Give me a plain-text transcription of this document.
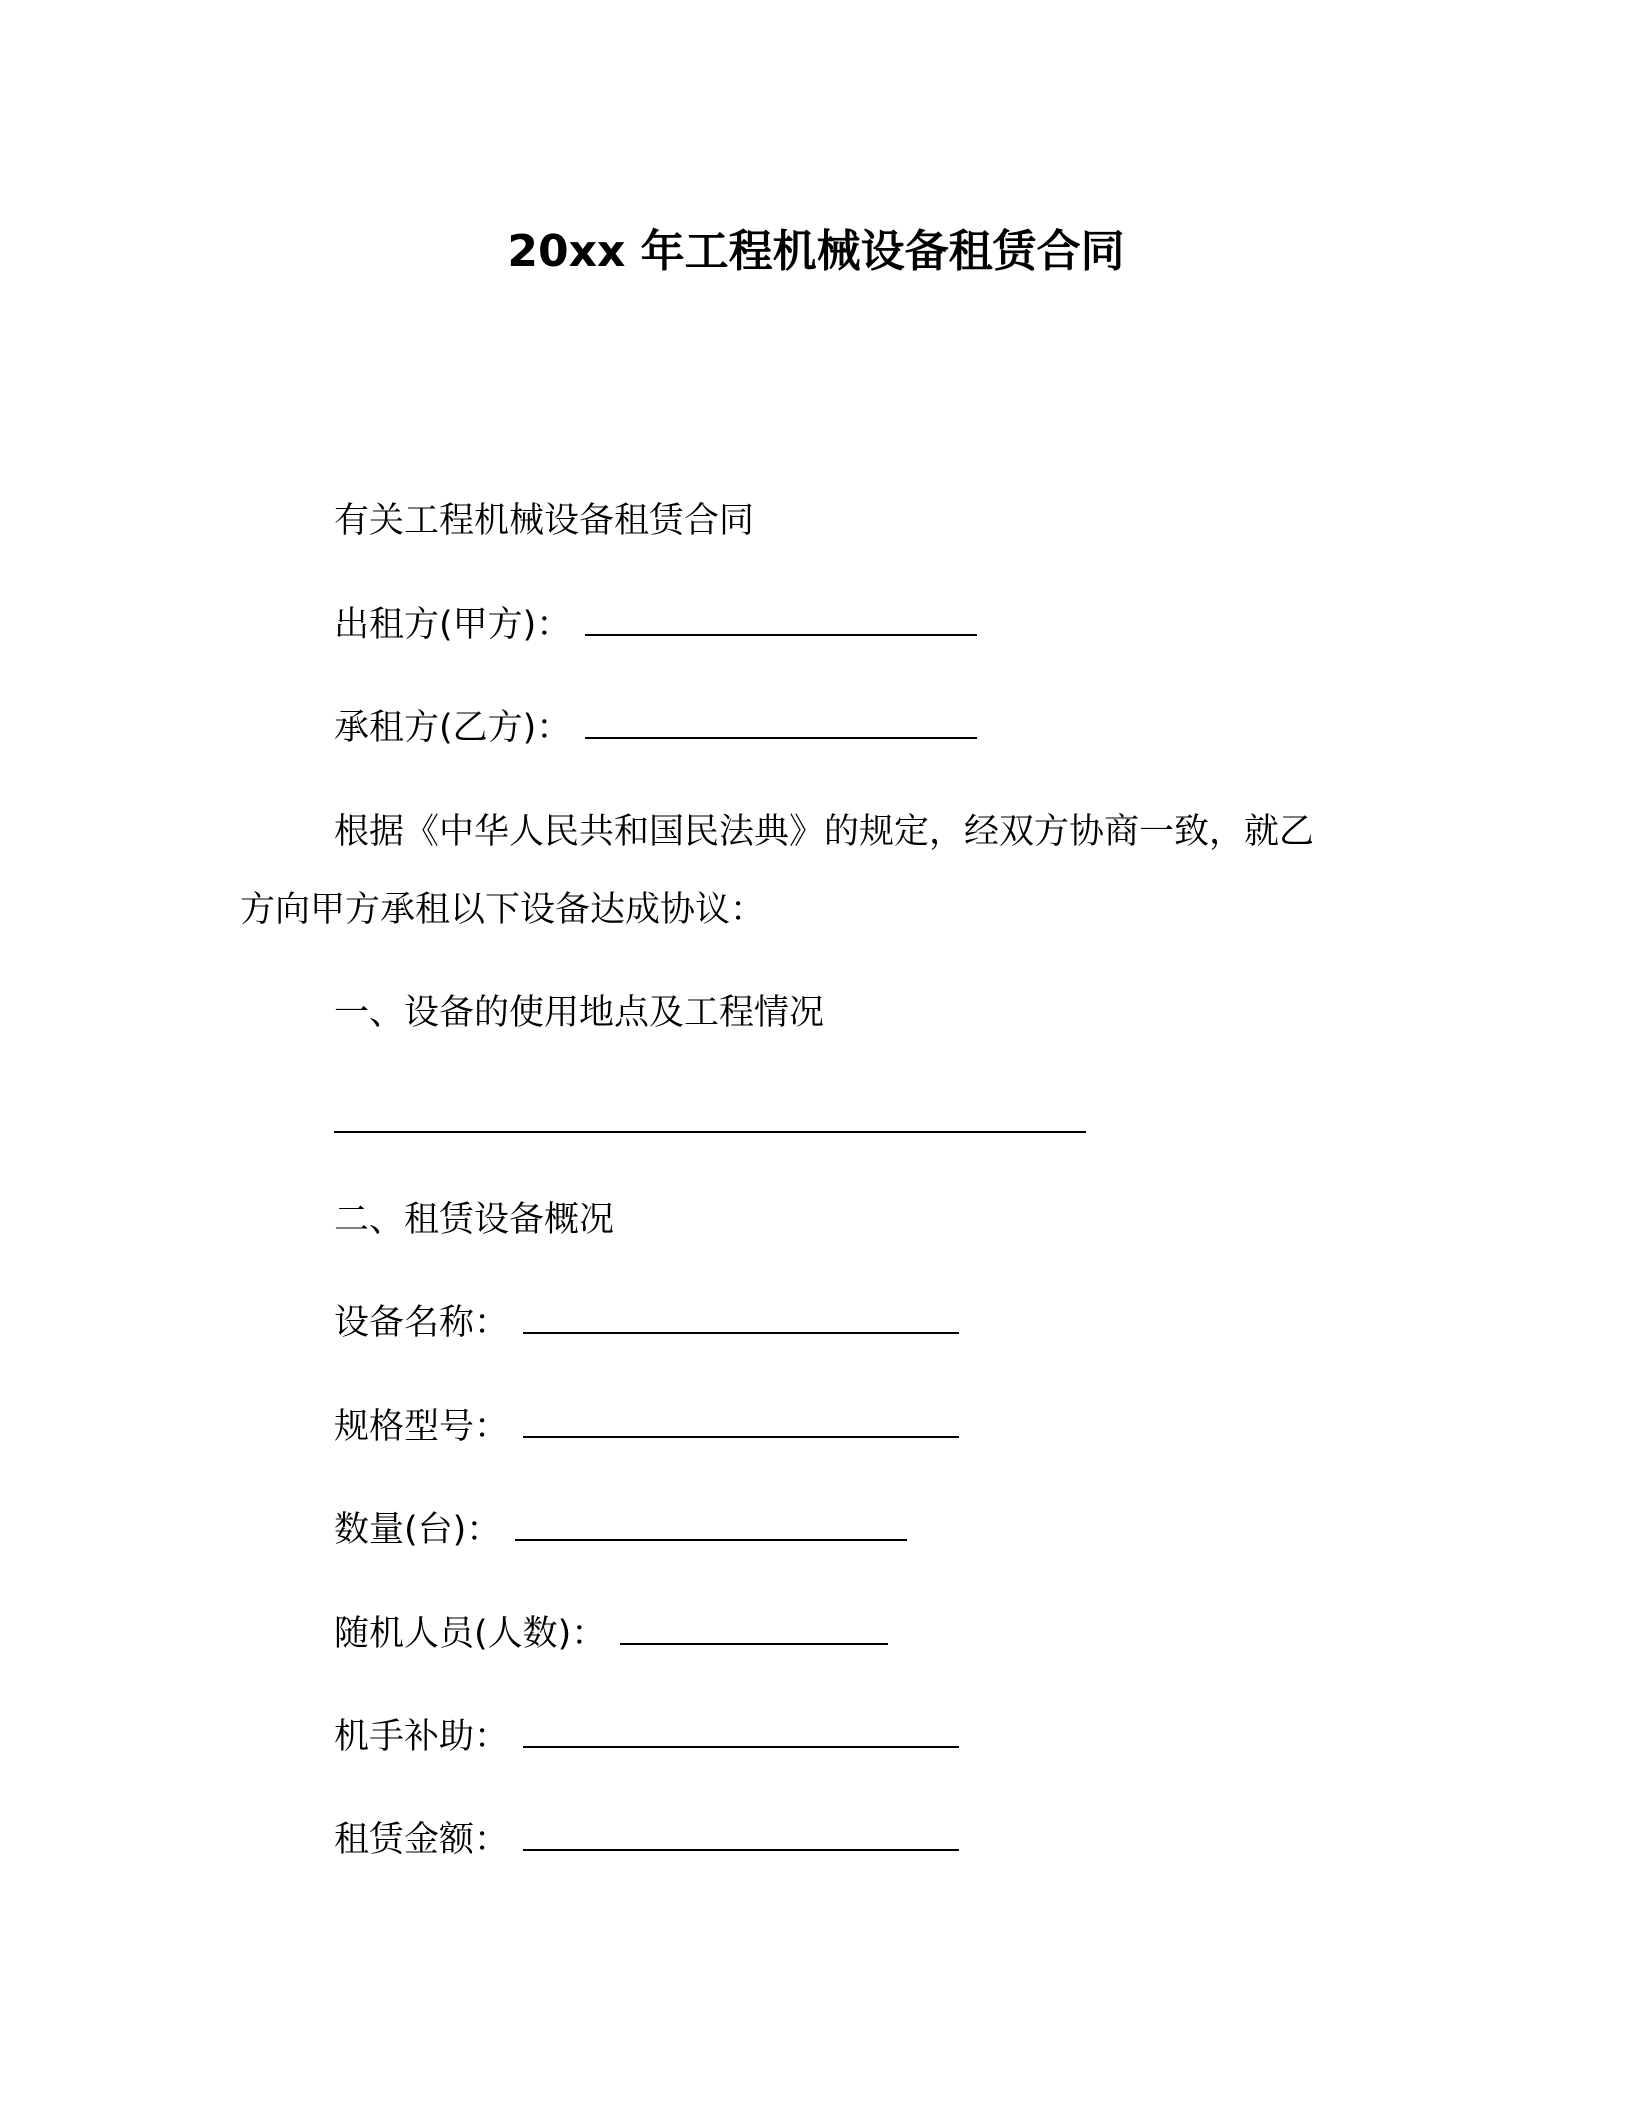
20xx 年工程机械设备租赁合同
有关工程机械设备租赁合同
出租方(甲方)：
承租方(乙方)：
根据《中华人民共和国民法典》的规定，经双方协商一致，就乙
方向甲方承租以下设备达成协议：
一、设备的使用地点及工程情况
二、租赁设备概况
设备名称：
规格型号：
数量(台)：
随机人员(人数)：
机手补助：
租赁金额：
